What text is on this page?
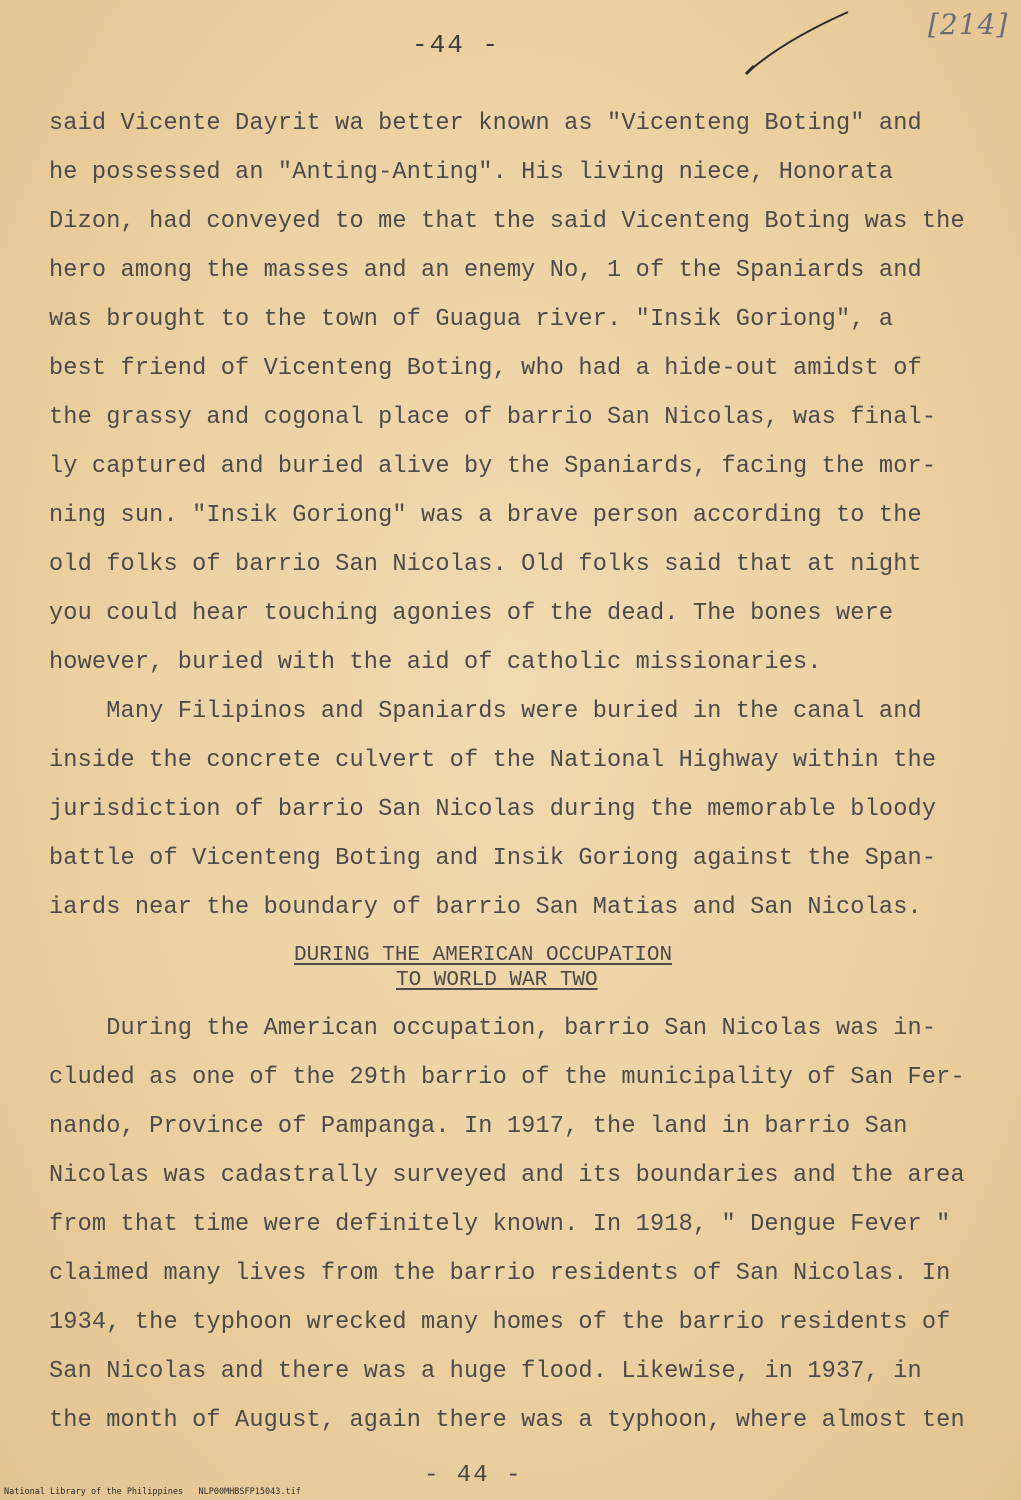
-44 -
[214]
said Vicente Dayrit wa better known as "Vicenteng Boting" and
he possessed an "Anting-Anting". His living niece, Honorata
Dizon, had conveyed to me that the said Vicenteng Boting was the
hero among the masses and an enemy No, 1 of the Spaniards and
was brought to the town of Guagua river. "Insik Goriong", a
best friend of Vicenteng Boting, who had a hide-out amidst of
the grassy and cogonal place of barrio San Nicolas, was final-
ly captured and buried alive by the Spaniards, facing the mor-
ning sun. "Insik Goriong" was a brave person according to the
old folks of barrio San Nicolas. Old folks said that at night
you could hear touching agonies of the dead. The bones were
however, buried with the aid of catholic missionaries.
Many Filipinos and Spaniards were buried in the canal and
inside the concrete culvert of the National Highway within the
jurisdiction of barrio San Nicolas during the memorable bloody
battle of Vicenteng Boting and Insik Goriong against the Span-
iards near the boundary of barrio San Matias and San Nicolas.
DURING THE AMERICAN OCCUPATION
TO WORLD WAR TWO
During the American occupation, barrio San Nicolas was in-
cluded as one of the 29th barrio of the municipality of San Fer-
nando, Province of Pampanga. In 1917, the land in barrio San
Nicolas was cadastrally surveyed and its boundaries and the area
from that time were definitely known. In 1918, " Dengue Fever "
claimed many lives from the barrio residents of San Nicolas. In
1934, the typhoon wrecked many homes of the barrio residents of
San Nicolas and there was a huge flood. Likewise, in 1937, in
the month of August, again there was a typhoon, where almost ten
- 44 -
National Library of the Philippines NLP00MHBSFP15043.tif
